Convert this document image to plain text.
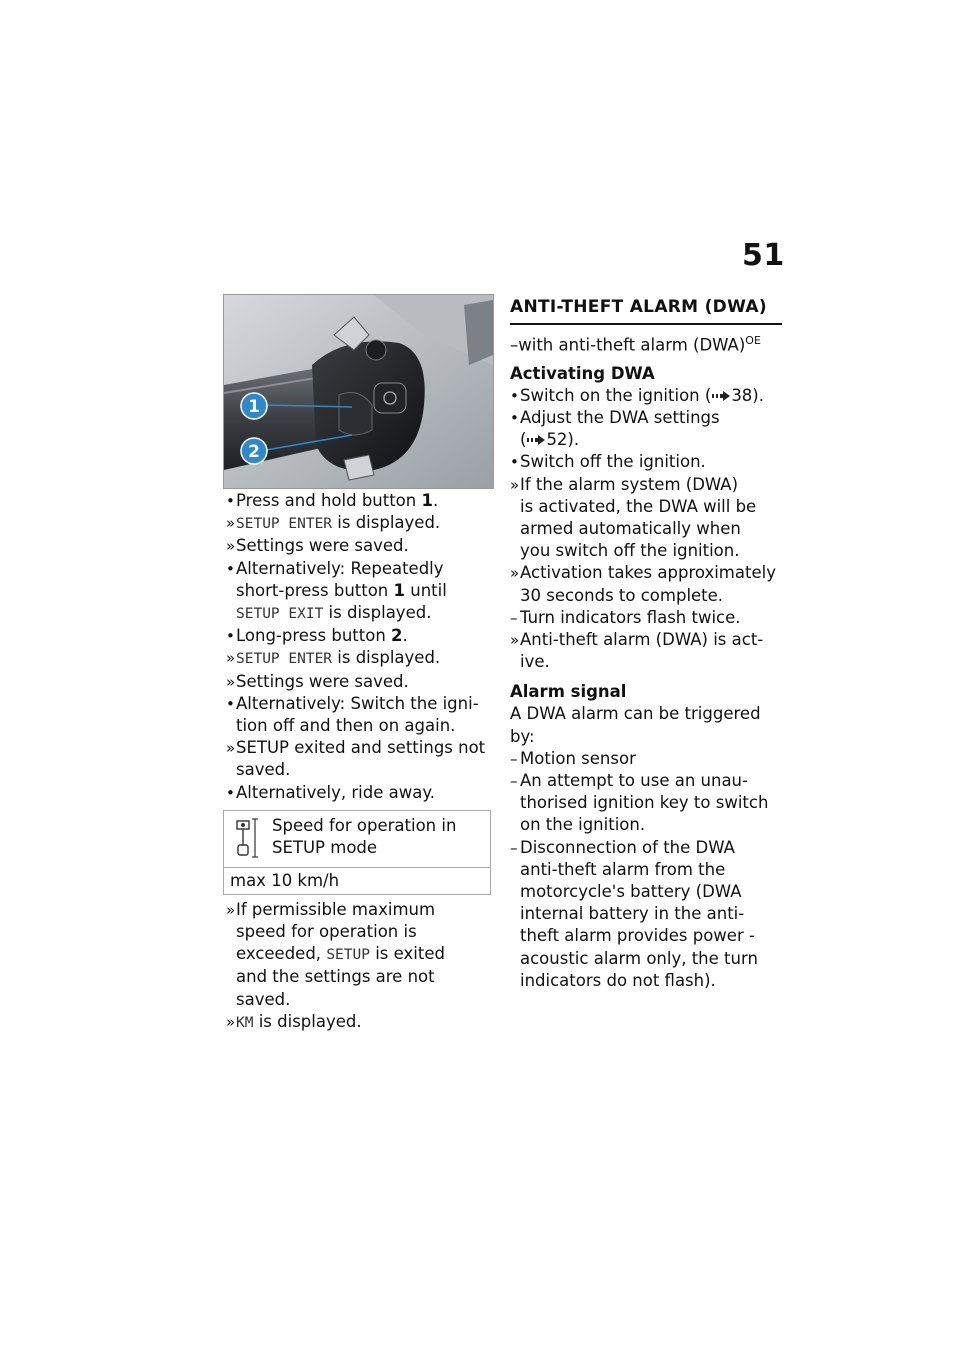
51
1
2
• Press and hold button 1.
» SETUP ENTER is displayed.
» Settings were saved.
• Alternatively: Repeatedly
short-press button 1 until
SETUP EXIT is displayed.
• Long-press button 2.
» SETUP ENTER is displayed.
» Settings were saved.
• Alternatively: Switch the igni-
tion off and then on again.
» SETUP exited and settings not
saved.
• Alternatively, ride away.
Speed for operation in
SETUP mode
max 10 km/h
» If permissible maximum
speed for operation is
exceeded, SETUP is exited
and the settings are not
saved.
» KM is displayed.
ANTI-THEFT ALARM (DWA)
–with anti-theft alarm (DWA)$^{OE}$
Activating DWA
• Switch on the ignition ( 38).
• Adjust the DWA settings
( 52).
• Switch off the ignition.
» If the alarm system (DWA)
is activated, the DWA will be
armed automatically when
you switch off the ignition.
» Activation takes approximately
30 seconds to complete.
– Turn indicators flash twice.
» Anti-theft alarm (DWA) is act-
ive.
Alarm signal
A DWA alarm can be triggered
by:
– Motion sensor
– An attempt to use an unau-
thorised ignition key to switch
on the ignition.
– Disconnection of the DWA
anti-theft alarm from the
motorcycle's battery (DWA
internal battery in the anti-
theft alarm provides power -
acoustic alarm only, the turn
indicators do not flash).
